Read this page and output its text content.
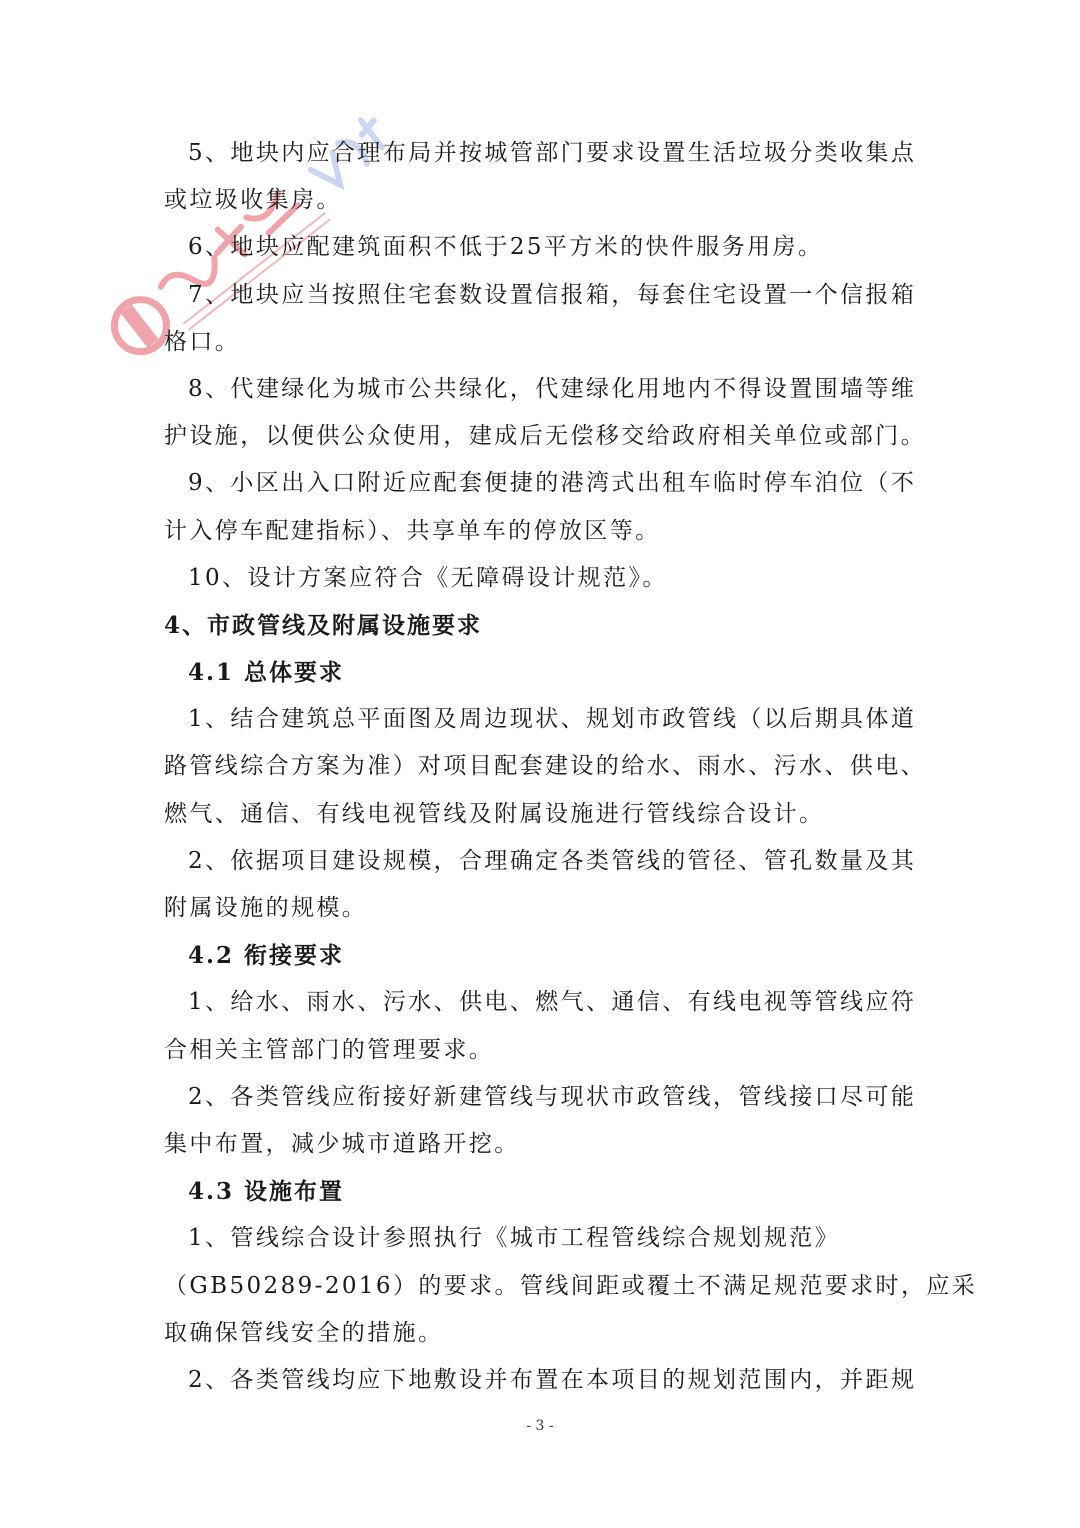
5、地块内应合理布局并按城管部门要求设置生活垃圾分类收集点
或垃圾收集房。
6、地块应配建筑面积不低于25平方米的快件服务用房。
7、地块应当按照住宅套数设置信报箱，每套住宅设置一个信报箱
格口。
8、代建绿化为城市公共绿化，代建绿化用地内不得设置围墙等维
护设施，以便供公众使用，建成后无偿移交给政府相关单位或部门。
9、小区出入口附近应配套便捷的港湾式出租车临时停车泊位（不
计入停车配建指标）、共享单车的停放区等。
10、设计方案应符合《无障碍设计规范》。
4、市政管线及附属设施要求
4.1 总体要求
1、结合建筑总平面图及周边现状、规划市政管线（以后期具体道
路管线综合方案为准）对项目配套建设的给水、雨水、污水、供电、
燃气、通信、有线电视管线及附属设施进行管线综合设计。
2、依据项目建设规模，合理确定各类管线的管径、管孔数量及其
附属设施的规模。
4.2 衔接要求
1、给水、雨水、污水、供电、燃气、通信、有线电视等管线应符
合相关主管部门的管理要求。
2、各类管线应衔接好新建管线与现状市政管线，管线接口尽可能
集中布置，减少城市道路开挖。
4.3 设施布置
1、管线综合设计参照执行《城市工程管线综合规划规范》
（GB50289-2016）的要求。管线间距或覆土不满足规范要求时，应采
取确保管线安全的措施。
2、各类管线均应下地敷设并布置在本项目的规划范围内，并距规
- 3 -
